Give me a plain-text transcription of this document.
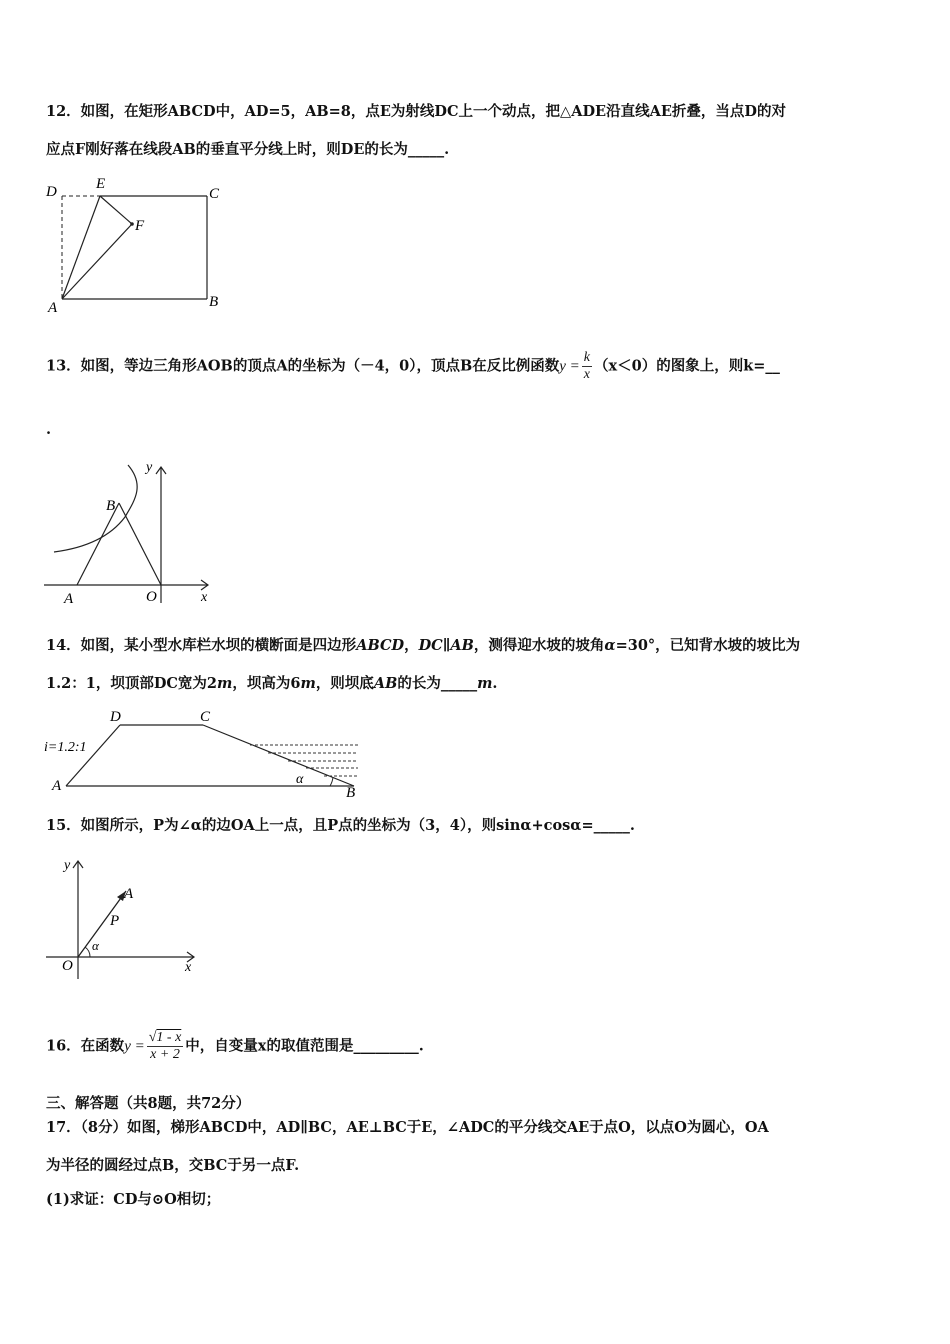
12．如图，在矩形ABCD中，AD=5，AB=8，点E为射线DC上一个动点，把△ADE沿直线AE折叠，当点D的对
应点F刚好落在线段AB的垂直平分线上时，则DE的长为_____.
D	E
C
F
A	B
13．如图，等边三角形AOB的顶点A的坐标为（－4，0），顶点B在反比例函数$y = \frac{k}{x} (x<0)$的图象上，则k=__
.
y
B
A	O	x
14．如图，某小型水库栏水坝的横断面是四边形ABCD，DC∥AB，测得迎水坡的坡角α=30°，已知背水坡的坡比为
1.2：1，坝顶部DC宽为2m，坝高为6m，则坝底AB的长为_____m.
D	C
i=1.2:1
α
A	B
15．如图所示，P为∠α的边OA上一点，且P点的坐标为（3，4），则sinα+cosα=_____.
y
A
P
α
O	x
16．在函数$y = \frac{√1 - x}{x + 2}$ 中，自变量x的取值范围是_________.
三、解答题（共8题，共72分）
17．（8分）如图，梯形ABCD中，AD∥BC，AE⊥BC于E，∠ADC的平分线交AE于点O，以点O为圆心，OA
为半径的圆经过点B，交BC于另一点F.
(1)求证：CD与⊙O相切；
